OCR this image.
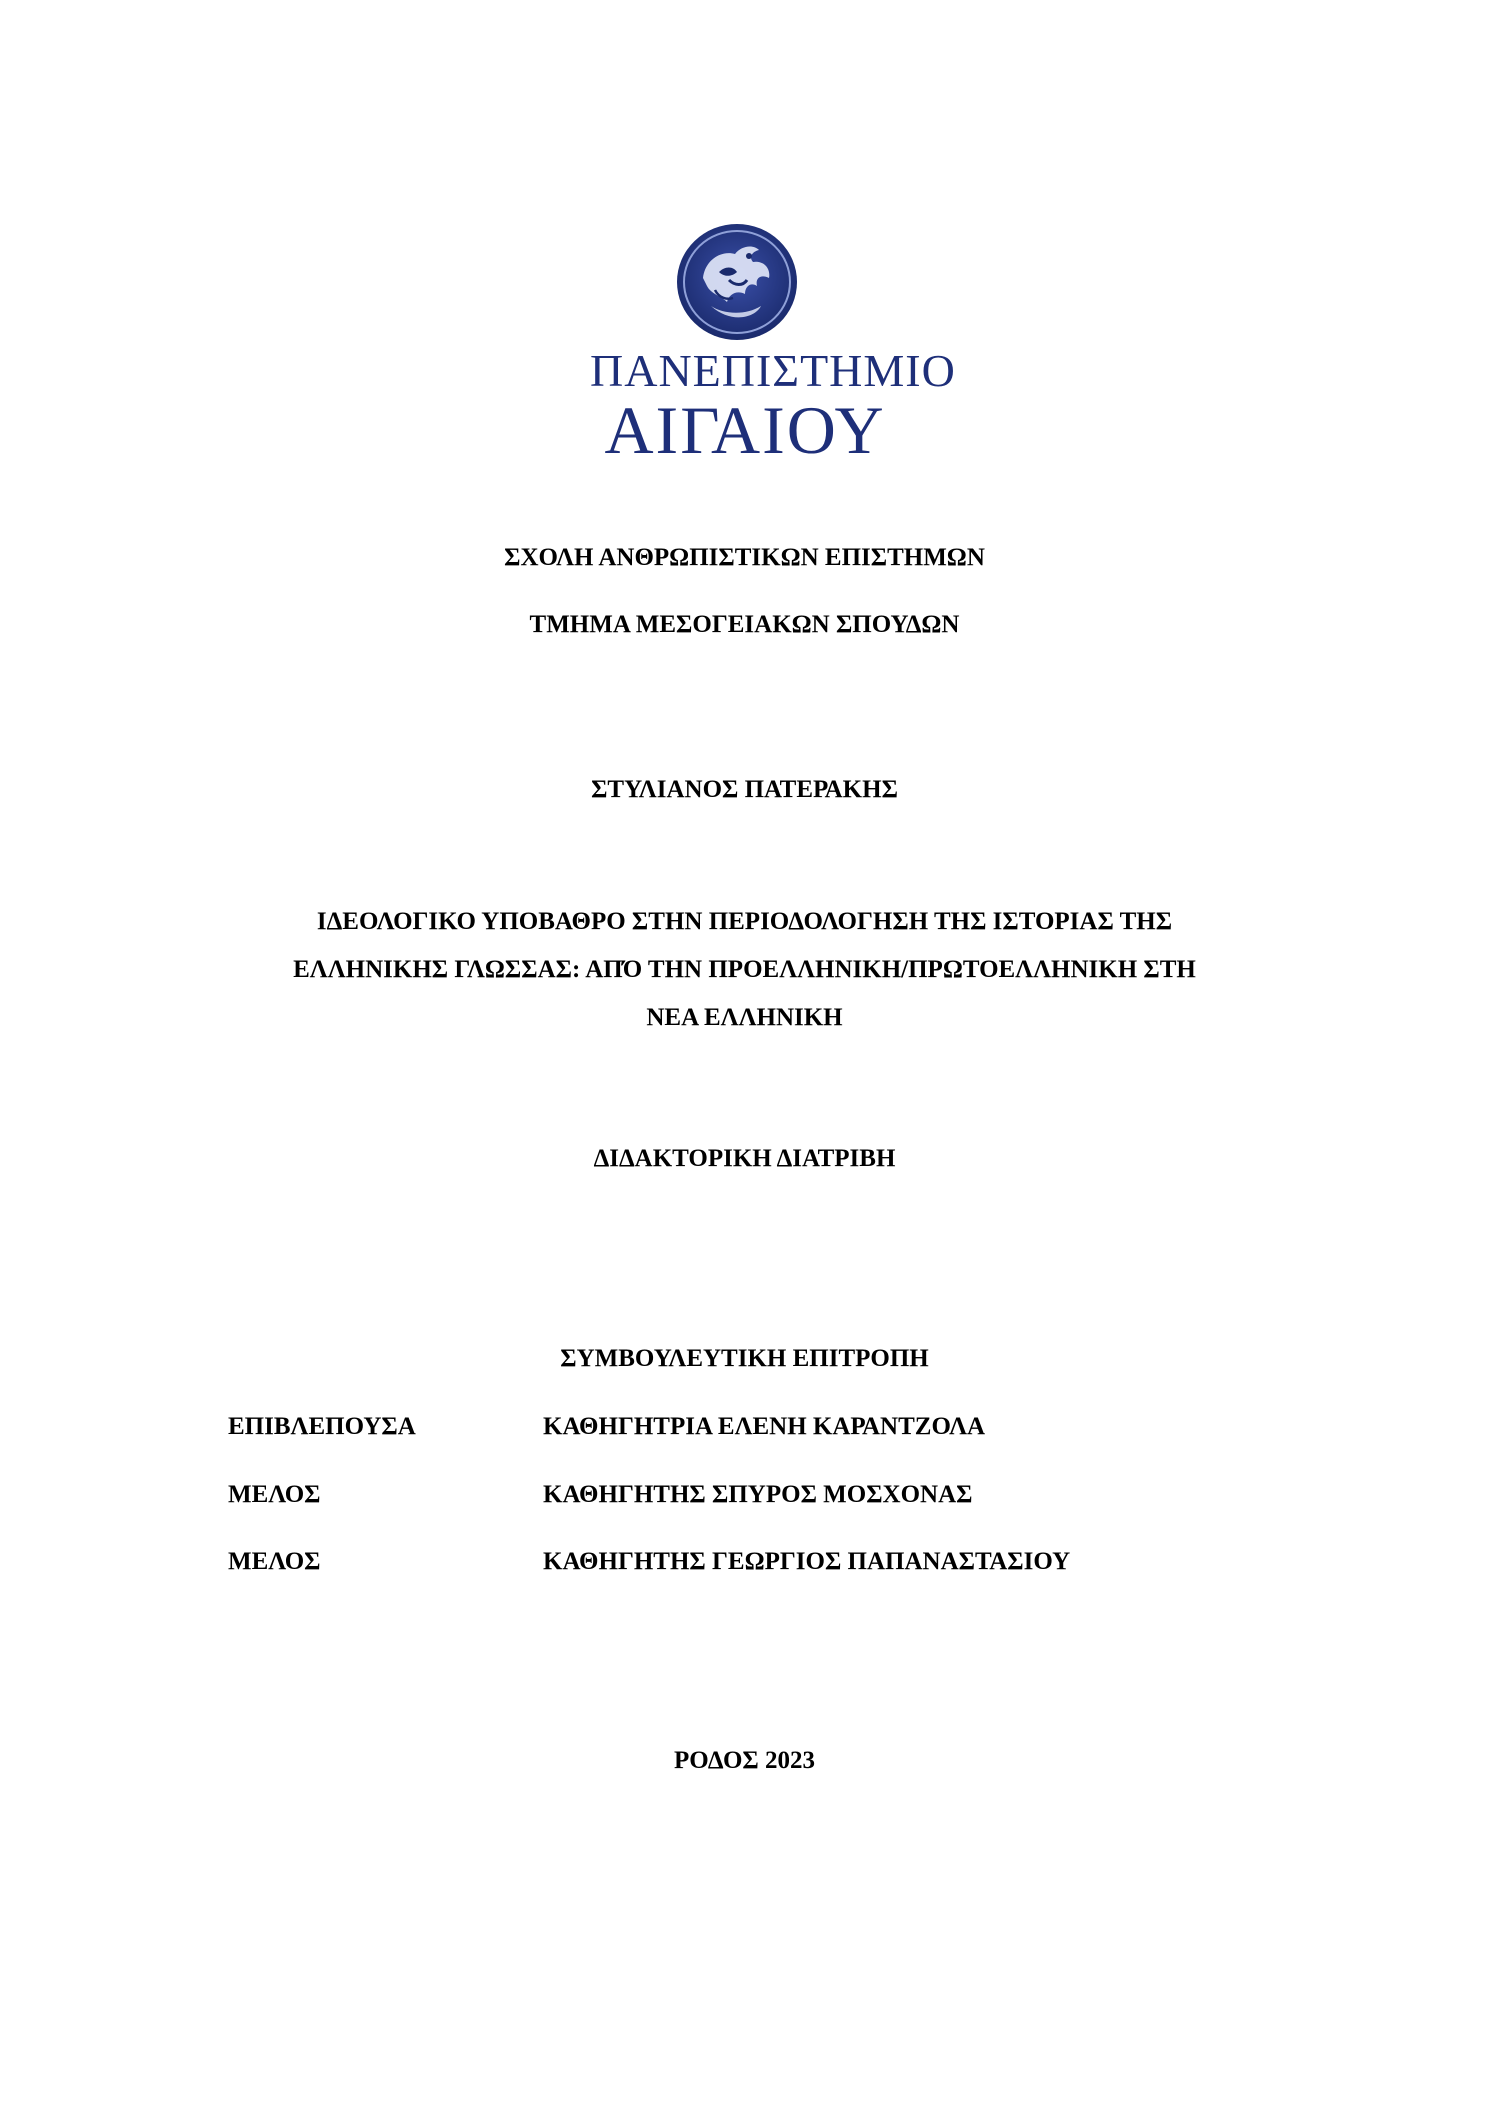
ΠΑΝΕΠΙΣΤΗΜΙΟ
ΑΙΓΑΙΟΥ
ΣΧΟΛΗ ΑΝΘΡΩΠΙΣΤΙΚΩΝ ΕΠΙΣΤΗΜΩΝ
ΤΜΗΜΑ ΜΕΣΟΓΕΙΑΚΩΝ ΣΠΟΥΔΩΝ
ΣΤΥΛΙΑΝΟΣ ΠΑΤΕΡΑΚΗΣ
ΙΔΕΟΛΟΓΙΚΟ ΥΠΟΒΑΘΡΟ ΣΤΗΝ ΠΕΡΙΟΔΟΛΟΓΗΣΗ ΤΗΣ ΙΣΤΟΡΙΑΣ ΤΗΣ
ΕΛΛΗΝΙΚΗΣ ΓΛΩΣΣΑΣ: ΑΠΌ ΤΗΝ ΠΡΟΕΛΛΗΝΙΚΗ/ΠΡΩΤΟΕΛΛΗΝΙΚΗ ΣΤΗ
ΝΕΑ ΕΛΛΗΝΙΚΗ
ΔΙΔΑΚΤΟΡΙΚΗ ΔΙΑΤΡΙΒΗ
ΣΥΜΒΟΥΛΕΥΤΙΚΗ ΕΠΙΤΡΟΠΗ
ΕΠΙΒΛΕΠΟΥΣΑ	ΚΑΘΗΓΗΤΡΙΑ ΕΛΕΝΗ ΚΑΡΑΝΤΖΟΛΑ
ΜΕΛΟΣ	ΚΑΘΗΓΗΤΗΣ ΣΠΥΡΟΣ ΜΟΣΧΟΝΑΣ
ΜΕΛΟΣ	ΚΑΘΗΓΗΤΗΣ ΓΕΩΡΓΙΟΣ ΠΑΠΑΝΑΣΤΑΣΙΟΥ
ΡΟΔΟΣ 2023
